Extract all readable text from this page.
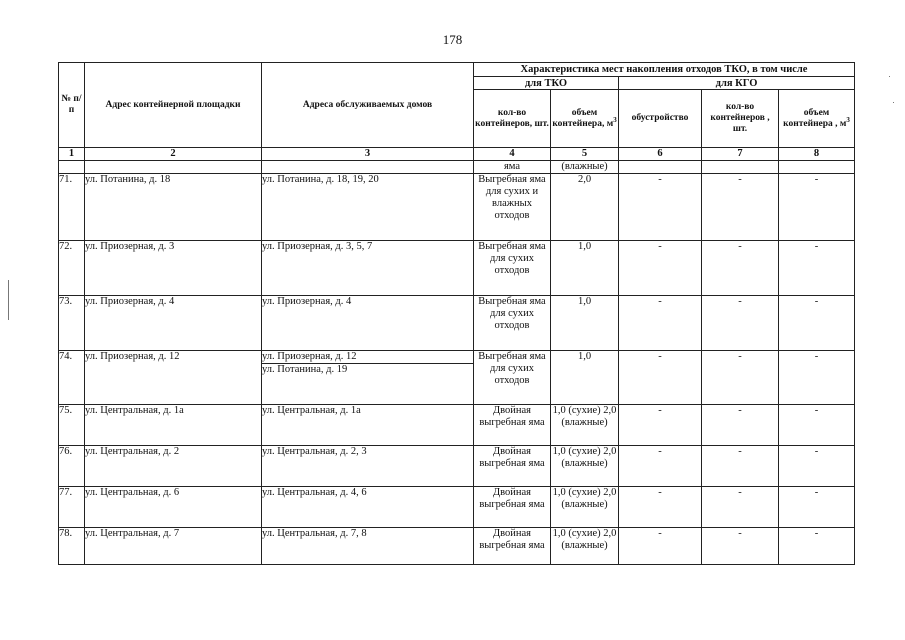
178
№ п/п	Адрес контейнерной площадки	Адреса обслуживаемых домов	Характеристика мест накопления отходов ТКО, в том числе				
			для ТКО		для КГО		
			кол-во контейнеров, шт.	объем контейнера, $м^3$	обустройство	кол-во контейнеров , шт.	объем контейнера , $м^3$
1	2	3	4	5	6	7	8
			яма	(влажные)			
71.	ул. Потанина, д. 18	ул. Потанина, д. 18, 19, 20	Выгребная яма для сухих и влажных отходов	2,0	-	-	-
72.	ул. Приозерная, д. 3	ул. Приозерная, д. 3, 5, 7	Выгребная яма для сухих отходов	1,0	-	-	-
73.	ул. Приозерная, д. 4	ул. Приозерная, д. 4	Выгребная яма для сухих отходов	1,0	-	-	-
74.	ул. Приозерная, д. 12	ул. Приозерная, д. 12	Выгребная яма для сухих отходов	1,0	-	-	-
		ул. Потанина, д. 19					
75.	ул. Центральная, д. 1а	ул. Центральная, д. 1а	Двойная выгребная яма	1,0 (сухие) 2,0 (влажные)	-	-	-
76.	ул. Центральная, д. 2	ул. Центральная, д. 2, 3	Двойная выгребная яма	1,0 (сухие) 2,0 (влажные)	-	-	-
77.	ул. Центральная, д. 6	ул. Центральная, д. 4, 6	Двойная выгребная яма	1,0 (сухие) 2,0 (влажные)	-	-	-
78.	ул. Центральная, д. 7	ул. Центральная, д. 7, 8	Двойная выгребная яма	1,0 (сухие) 2,0 (влажные)	-	-	-
